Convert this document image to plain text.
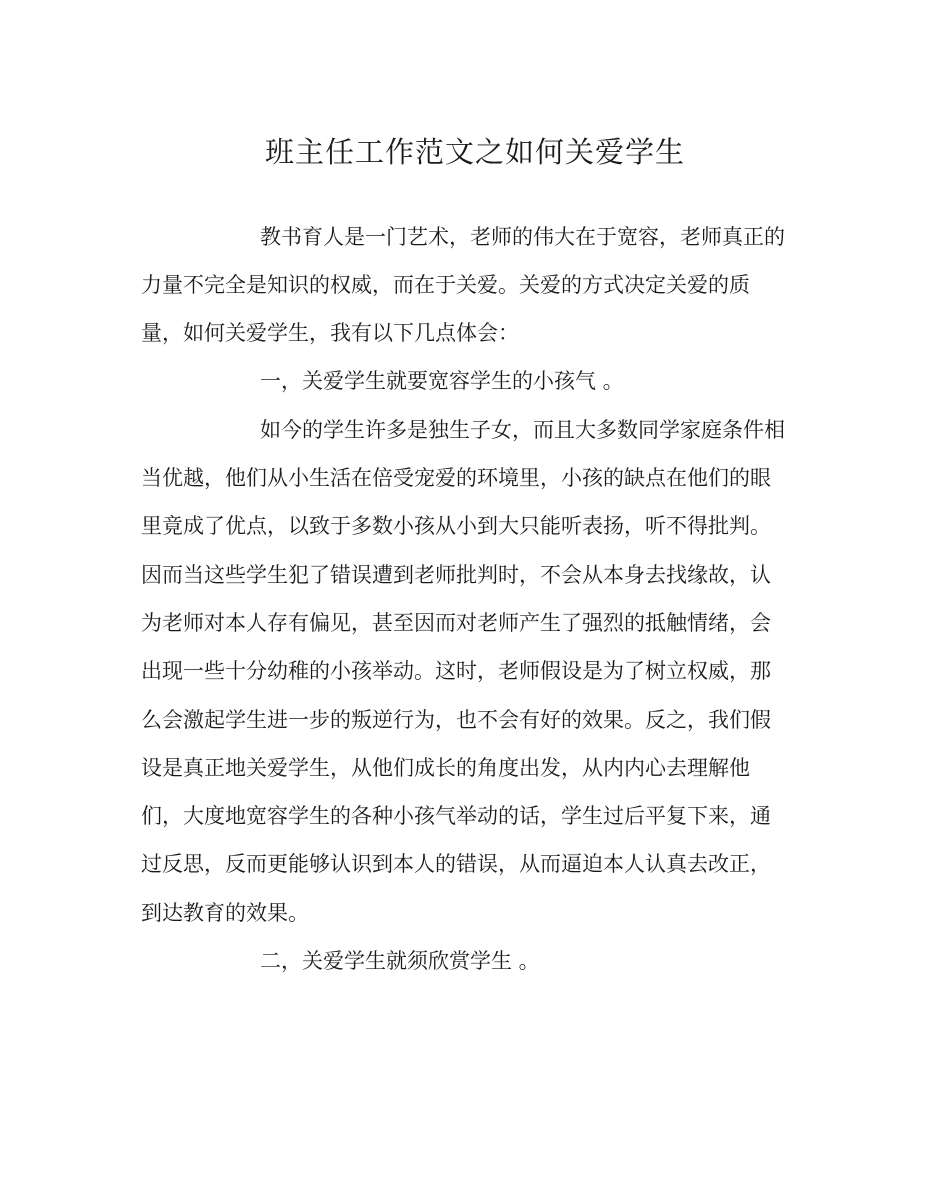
班主任工作范文之如何关爱学生

教书育人是一门艺术，老师的伟大在于宽容，老师真正的

力量不完全是知识的权威，而在于关爱。关爱的方式决定关爱的质

量，如何关爱学生，我有以下几点体会：

一，关爱学生就要宽容学生的小孩气 。

如今的学生许多是独生子女，而且大多数同学家庭条件相

当优越，他们从小生活在倍受宠爱的环境里，小孩的缺点在他们的眼

里竟成了优点，以致于多数小孩从小到大只能听表扬，听不得批判。

因而当这些学生犯了错误遭到老师批判时，不会从本身去找缘故，认

为老师对本人存有偏见，甚至因而对老师产生了强烈的抵触情绪，会

出现一些十分幼稚的小孩举动。这时，老师假设是为了树立权威，那

么会激起学生进一步的叛逆行为，也不会有好的效果。反之，我们假

设是真正地关爱学生，从他们成长的角度出发，从内内心去理解他

们，大度地宽容学生的各种小孩气举动的话，学生过后平复下来，通

过反思，反而更能够认识到本人的错误，从而逼迫本人认真去改正，

到达教育的效果。

二，关爱学生就须欣赏学生 。
